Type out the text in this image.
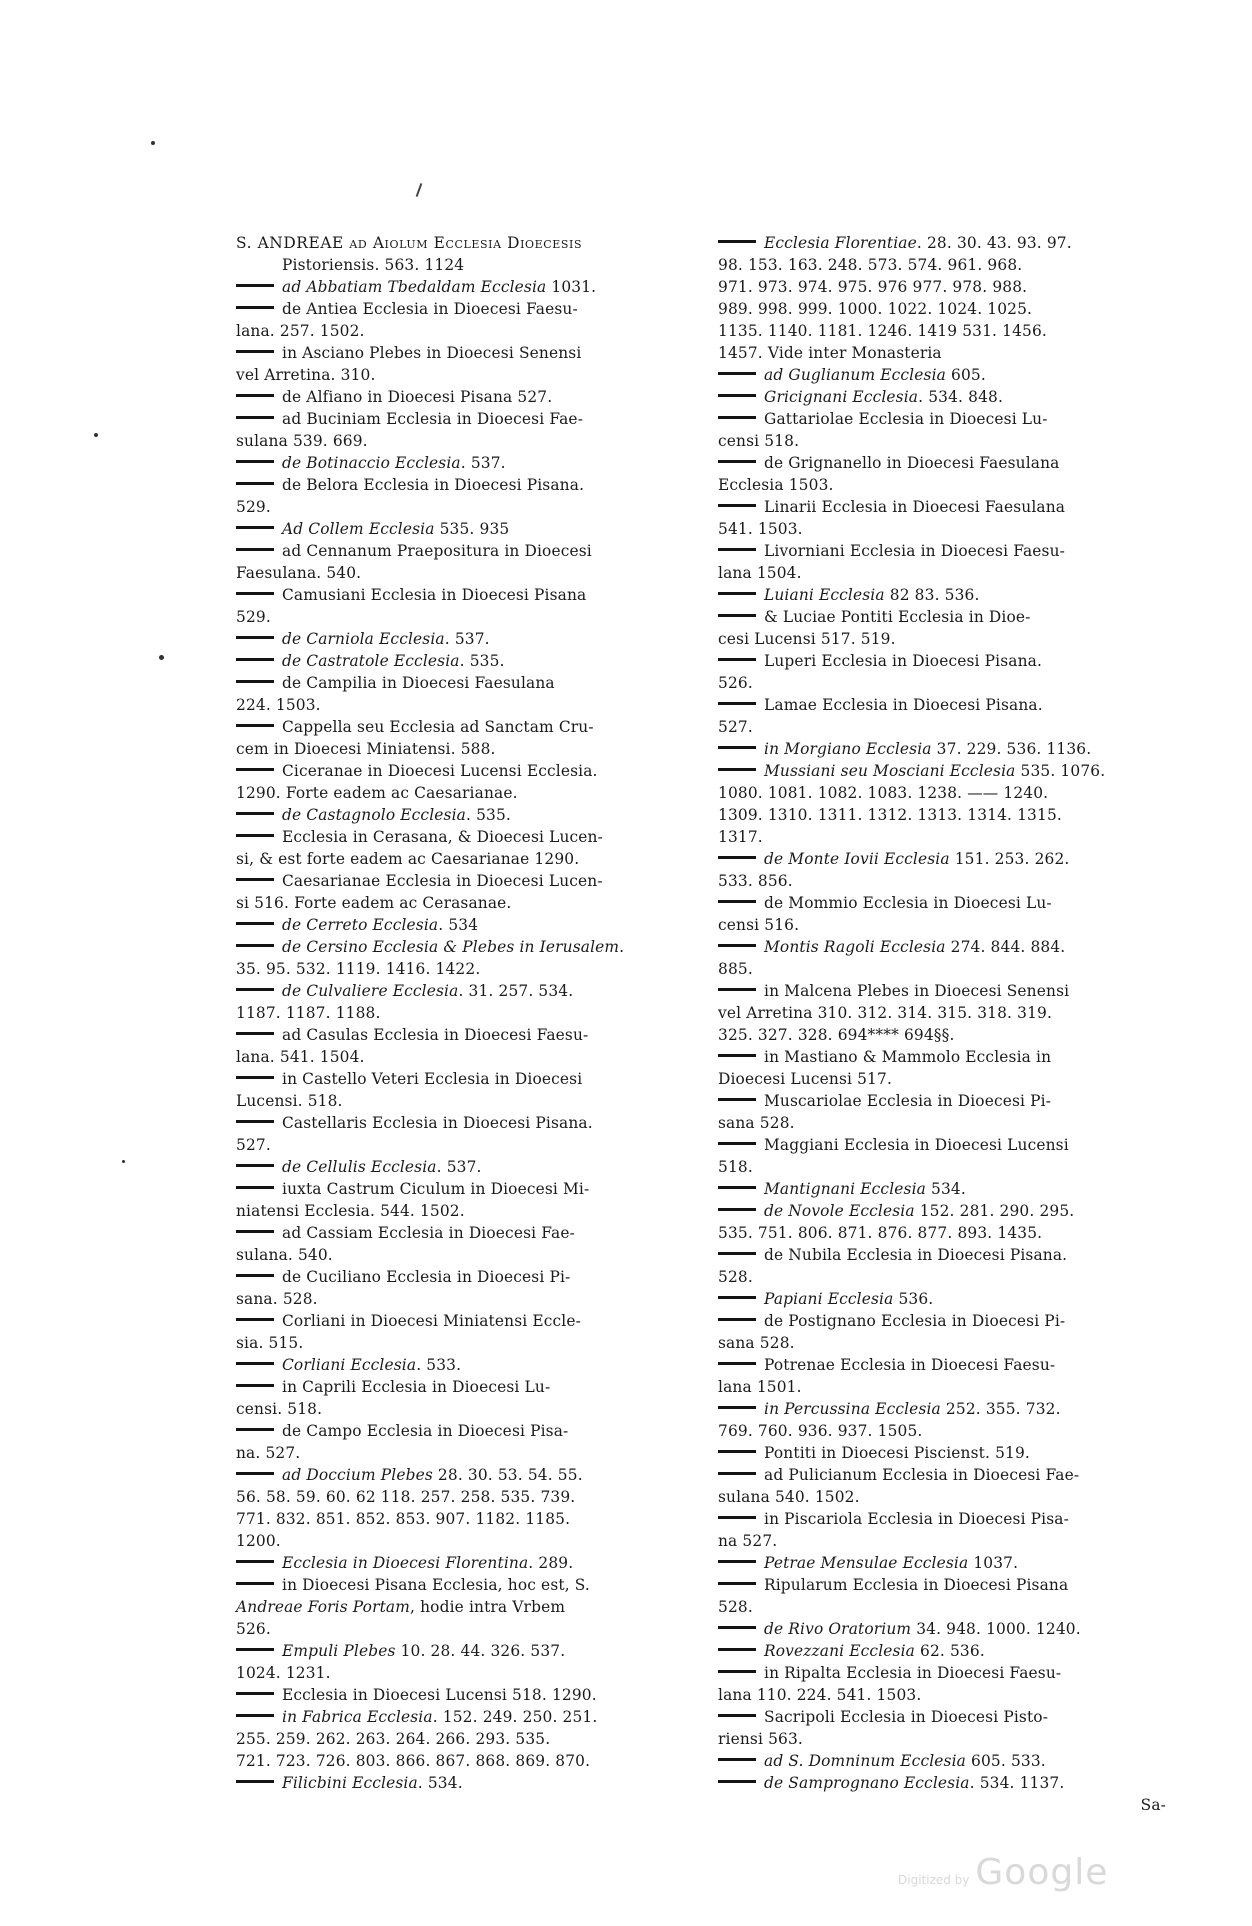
S. ANDREAE ad Aiolum Ecclesia Dioecesis
Pistoriensis. 563. 1124
ad Abbatiam Tbedaldam Ecclesia 1031.
de Antiea Ecclesia in Dioecesi Faesu-
lana. 257. 1502.
in Asciano Plebes in Dioecesi Senensi
vel Arretina. 310.
de Alfiano in Dioecesi Pisana 527.
ad Buciniam Ecclesia in Dioecesi Fae-
sulana 539. 669.
de Botinaccio Ecclesia. 537.
de Belora Ecclesia in Dioecesi Pisana.
529.
Ad Collem Ecclesia 535. 935
ad Cennanum Praepositura in Dioecesi
Faesulana. 540.
Camusiani Ecclesia in Dioecesi Pisana
529.
de Carniola Ecclesia. 537.
de Castratole Ecclesia. 535.
de Campilia in Dioecesi Faesulana
224. 1503.
Cappella seu Ecclesia ad Sanctam Cru-
cem in Dioecesi Miniatensi. 588.
Ciceranae in Dioecesi Lucensi Ecclesia.
1290. Forte eadem ac Caesarianae.
de Castagnolo Ecclesia. 535.
Ecclesia in Cerasana, & Dioecesi Lucen-
si, & est forte eadem ac Caesarianae 1290.
Caesarianae Ecclesia in Dioecesi Lucen-
si 516. Forte eadem ac Cerasanae.
de Cerreto Ecclesia. 534
de Cersino Ecclesia & Plebes in Ierusalem.
35. 95. 532. 1119. 1416. 1422.
de Culvaliere Ecclesia. 31. 257. 534.
1187. 1187. 1188.
ad Casulas Ecclesia in Dioecesi Faesu-
lana. 541. 1504.
in Castello Veteri Ecclesia in Dioecesi
Lucensi. 518.
Castellaris Ecclesia in Dioecesi Pisana.
527.
de Cellulis Ecclesia. 537.
iuxta Castrum Ciculum in Dioecesi Mi-
niatensi Ecclesia. 544. 1502.
ad Cassiam Ecclesia in Dioecesi Fae-
sulana. 540.
de Cuciliano Ecclesia in Dioecesi Pi-
sana. 528.
Corliani in Dioecesi Miniatensi Eccle-
sia. 515.
Corliani Ecclesia. 533.
in Caprili Ecclesia in Dioecesi Lu-
censi. 518.
de Campo Ecclesia in Dioecesi Pisa-
na. 527.
ad Doccium Plebes 28. 30. 53. 54. 55.
56. 58. 59. 60. 62 118. 257. 258. 535. 739.
771. 832. 851. 852. 853. 907. 1182. 1185.
1200.
Ecclesia in Dioecesi Florentina. 289.
in Dioecesi Pisana Ecclesia, hoc est, S.
Andreae Foris Portam, hodie intra Vrbem
526.
Empuli Plebes 10. 28. 44. 326. 537.
1024. 1231.
Ecclesia in Dioecesi Lucensi 518. 1290.
in Fabrica Ecclesia. 152. 249. 250. 251.
255. 259. 262. 263. 264. 266. 293. 535.
721. 723. 726. 803. 866. 867. 868. 869. 870.
Filicbini Ecclesia. 534.
Ecclesia Florentiae. 28. 30. 43. 93. 97.
98. 153. 163. 248. 573. 574. 961. 968.
971. 973. 974. 975. 976 977. 978. 988.
989. 998. 999. 1000. 1022. 1024. 1025.
1135. 1140. 1181. 1246. 1419 531. 1456.
1457. Vide inter Monasteria
ad Guglianum Ecclesia 605.
Gricignani Ecclesia. 534. 848.
Gattariolae Ecclesia in Dioecesi Lu-
censi 518.
de Grignanello in Dioecesi Faesulana
Ecclesia 1503.
Linarii Ecclesia in Dioecesi Faesulana
541. 1503.
Livorniani Ecclesia in Dioecesi Faesu-
lana 1504.
Luiani Ecclesia 82 83. 536.
& Luciae Pontiti Ecclesia in Dioe-
cesi Lucensi 517. 519.
Luperi Ecclesia in Dioecesi Pisana.
526.
Lamae Ecclesia in Dioecesi Pisana.
527.
in Morgiano Ecclesia 37. 229. 536. 1136.
Mussiani seu Mosciani Ecclesia 535. 1076.
1080. 1081. 1082. 1083. 1238. —— 1240.
1309. 1310. 1311. 1312. 1313. 1314. 1315.
1317.
de Monte Iovii Ecclesia 151. 253. 262.
533. 856.
de Mommio Ecclesia in Dioecesi Lu-
censi 516.
Montis Ragoli Ecclesia 274. 844. 884.
885.
in Malcena Plebes in Dioecesi Senensi
vel Arretina 310. 312. 314. 315. 318. 319.
325. 327. 328. 694**** 694§§.
in Mastiano & Mammolo Ecclesia in
Dioecesi Lucensi 517.
Muscariolae Ecclesia in Dioecesi Pi-
sana 528.
Maggiani Ecclesia in Dioecesi Lucensi
518.
Mantignani Ecclesia 534.
de Novole Ecclesia 152. 281. 290. 295.
535. 751. 806. 871. 876. 877. 893. 1435.
de Nubila Ecclesia in Dioecesi Pisana.
528.
Papiani Ecclesia 536.
de Postignano Ecclesia in Dioecesi Pi-
sana 528.
Potrenae Ecclesia in Dioecesi Faesu-
lana 1501.
in Percussina Ecclesia 252. 355. 732.
769. 760. 936. 937. 1505.
Pontiti in Dioecesi Piscienst. 519.
ad Pulicianum Ecclesia in Dioecesi Fae-
sulana 540. 1502.
in Piscariola Ecclesia in Dioecesi Pisa-
na 527.
Petrae Mensulae Ecclesia 1037.
Ripularum Ecclesia in Dioecesi Pisana
528.
de Rivo Oratorium 34. 948. 1000. 1240.
Rovezzani Ecclesia 62. 536.
in Ripalta Ecclesia in Dioecesi Faesu-
lana 110. 224. 541. 1503.
Sacripoli Ecclesia in Dioecesi Pisto-
riensi 563.
ad S. Domninum Ecclesia 605. 533.
de Samprognano Ecclesia. 534. 1137.
Sa-
Digitized by Google
